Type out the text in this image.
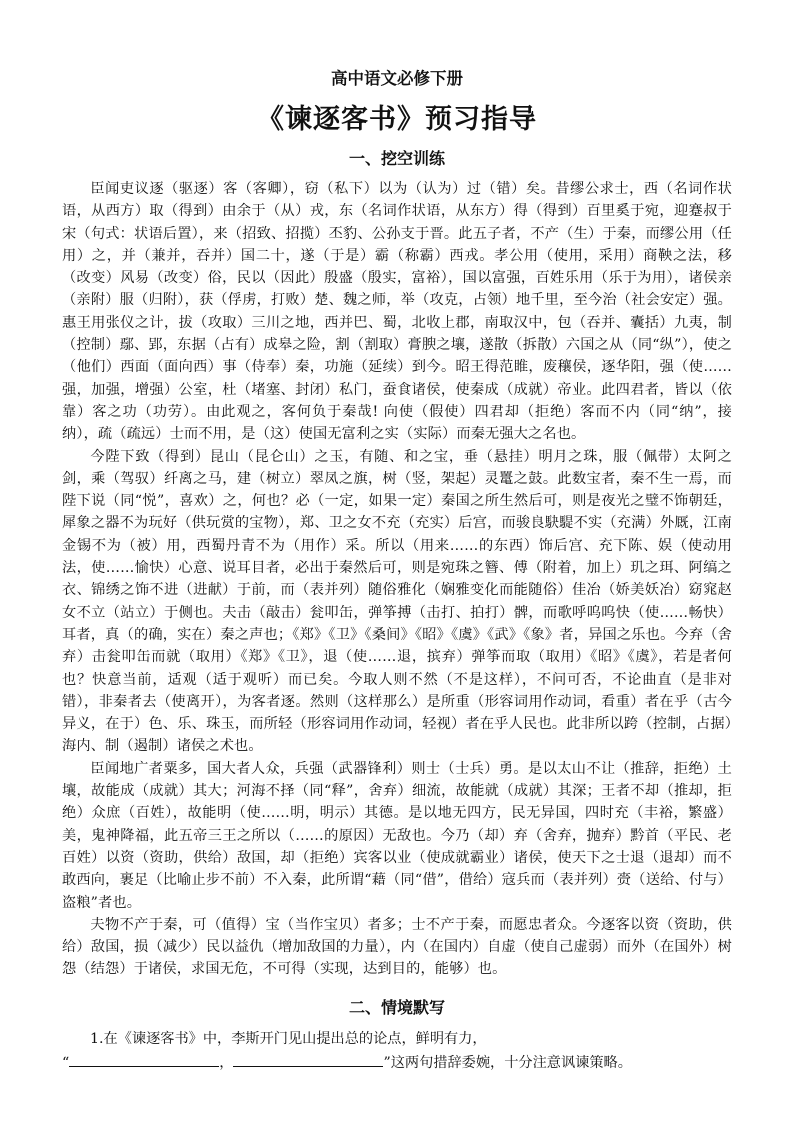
高中语文必修下册
《谏逐客书》预习指导
一、挖空训练

臣闻吏议逐（驱逐）客（客卿），窃（私下）以为（认为）过（错）矣。昔缪公求士，西（名词作状语，从西方）取（得到）由余于（从）戎，东（名词作状语，从东方）得（得到）百里奚于宛，迎蹇叔于宋（句式：状语后置），来（招致、招揽）丕豹、公孙支于晋。此五子者，不产（生）于秦，而缪公用（任用）之，并（兼并，吞并）国二十，遂（于是）霸（称霸）西戎。孝公用（使用，采用）商鞅之法，移（改变）风易（改变）俗，民以（因此）殷盛（殷实，富裕），国以富强，百姓乐用（乐于为用），诸侯亲（亲附）服（归附），获（俘虏，打败）楚、魏之师，举（攻克，占领）地千里，至今治（社会安定）强。惠王用张仪之计，拔（攻取）三川之地，西并巴、蜀，北收上郡，南取汉中，包（吞并、囊括）九夷，制（控制）鄢、郢，东据（占有）成皋之险，割（割取）膏腴之壤，遂散（拆散）六国之从（同“纵”），使之（他们）西面（面向西）事（侍奉）秦，功施（延续）到今。昭王得范睢，废穰侯，逐华阳，强（使……强，加强，增强）公室，杜（堵塞、封闭）私门，蚕食诸侯，使秦成（成就）帝业。此四君者，皆以（依靠）客之功（功劳）。由此观之，客何负于秦哉! 向使（假使）四君却（拒绝）客而不内（同“纳”，接纳），疏（疏远）士而不用，是（这）使国无富利之实（实际）而秦无强大之名也。

今陛下致（得到）昆山（昆仑山）之玉，有随、和之宝，垂（悬挂）明月之珠，服（佩带）太阿之剑，乘（驾驭）纤离之马，建（树立）翠凤之旗，树（竖，架起）灵鼍之鼓。此数宝者，秦不生一焉，而陛下说（同“悦”，喜欢）之，何也？必（一定，如果一定）秦国之所生然后可，则是夜光之璧不饰朝廷，犀象之器不为玩好（供玩赏的宝物），郑、卫之女不充（充实）后宫，而骏良駃騠不实（充满）外厩，江南金锡不为（被）用，西蜀丹青不为（用作）采。所以（用来……的东西）饰后宫、充下陈、娱（使动用法，使……愉快）心意、说耳目者，必出于秦然后可，则是宛珠之簪、傅（附着，加上）玑之珥、阿缟之衣、锦绣之饰不进（进献）于前，而（表并列）随俗雅化（娴雅变化而能随俗）佳冶（娇美妖冶）窈窕赵女不立（站立）于侧也。夫击（敲击）瓮叩缶，弹筝搏（击打、拍打）髀，而歌呼呜呜快（使……畅快）耳者，真（的确，实在）秦之声也；《郑》《卫》《桑间》《昭》《虞》《武》《象》者，异国之乐也。今弃（舍弃）击瓮叩缶而就（取用）《郑》《卫》，退（使……退，摈弃）弹筝而取（取用）《昭》《虞》，若是者何也？快意当前，适观（适于观听）而已矣。今取人则不然（不是这样），不问可否，不论曲直（是非对错），非秦者去（使离开），为客者逐。然则（这样那么）是所重（形容词用作动词，看重）者在乎（古今异义，在于）色、乐、珠玉，而所轻（形容词用作动词，轻视）者在乎人民也。此非所以跨（控制，占据）海内、制（遏制）诸侯之术也。

臣闻地广者粟多，国大者人众，兵强（武器锋利）则士（士兵）勇。是以太山不让（推辞，拒绝）土壤，故能成（成就）其大；河海不择（同“释”，舍弃）细流，故能就（成就）其深；王者不却（推却，拒绝）众庶（百姓），故能明（使……明，明示）其德。是以地无四方，民无异国，四时充（丰裕，繁盛）美，鬼神降福，此五帝三王之所以（……的原因）无敌也。今乃（却）弃（舍弃，抛弃）黔首（平民、老百姓）以资（资助，供给）敌国，却（拒绝）宾客以业（使成就霸业）诸侯，使天下之士退（退却）而不敢西向，裹足（比喻止步不前）不入秦，此所谓“藉（同“借”，借给）寇兵而（表并列）赍（送给、付与）盗粮”者也。

夫物不产于秦，可（值得）宝（当作宝贝）者多；士不产于秦，而愿忠者众。今逐客以资（资助，供给）敌国，损（减少）民以益仇（增加敌国的力量），内（在国内）自虚（使自己虚弱）而外（在国外）树怨（结怨）于诸侯，求国无危，不可得（实现，达到目的，能够）也。

二、情境默写

1.在《谏逐客书》中，李斯开门见山提出总的论点，鲜明有力，

“	，	”这两句措辞委婉，十分注意讽谏策略。
